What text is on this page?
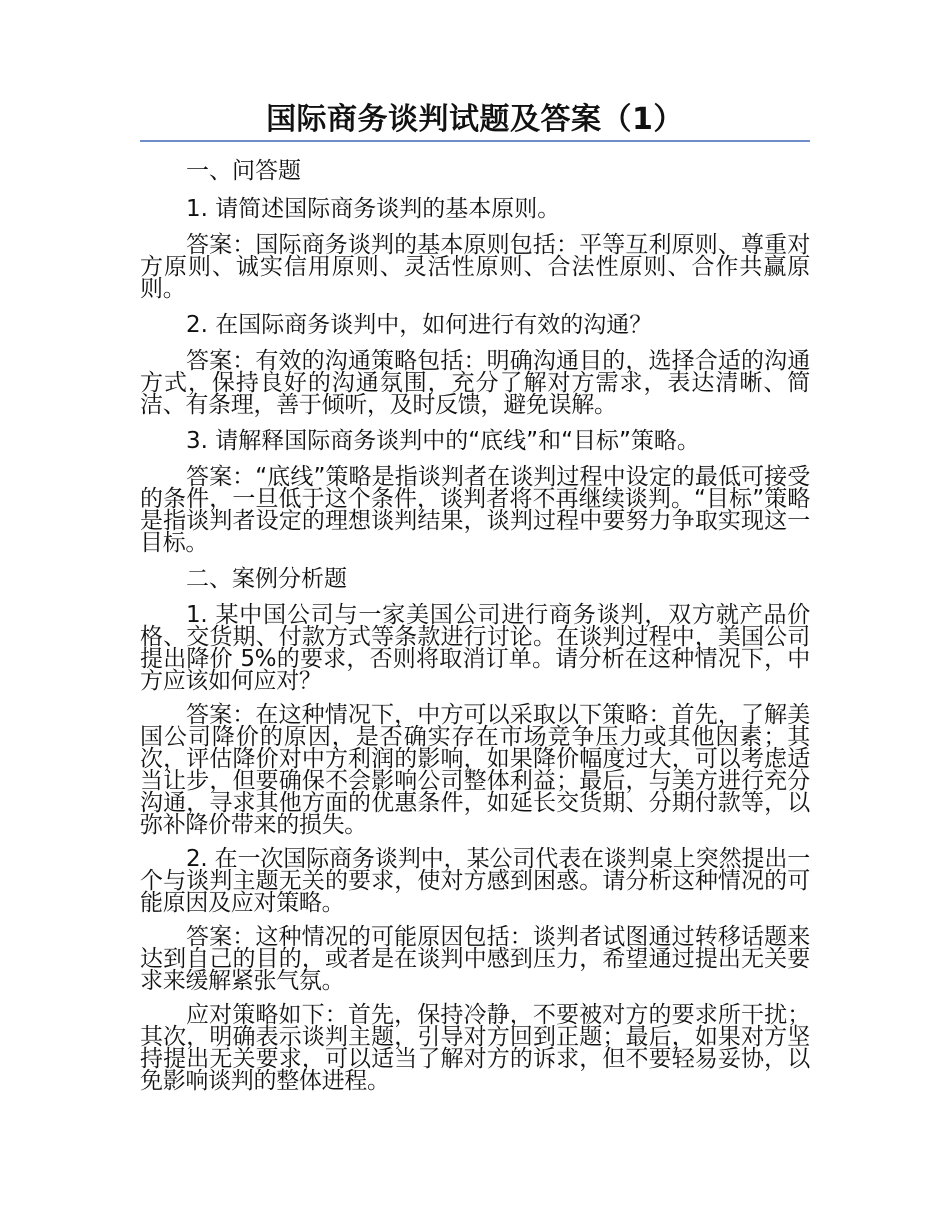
国际商务谈判试题及答案（1）

一、问答题

1. 请简述国际商务谈判的基本原则。

答案：国际商务谈判的基本原则包括：平等互利原则、尊重对方原则、诚实信用原则、灵活性原则、合法性原则、合作共赢原则。

2. 在国际商务谈判中，如何进行有效的沟通？

答案：有效的沟通策略包括：明确沟通目的，选择合适的沟通方式，保持良好的沟通氛围，充分了解对方需求，表达清晰、简洁、有条理，善于倾听，及时反馈，避免误解。

3. 请解释国际商务谈判中的“底线”和“目标”策略。

答案：“底线”策略是指谈判者在谈判过程中设定的最低可接受的条件，一旦低于这个条件，谈判者将不再继续谈判。“目标”策略是指谈判者设定的理想谈判结果，谈判过程中要努力争取实现这一目标。

二、案例分析题

1. 某中国公司与一家美国公司进行商务谈判，双方就产品价格、交货期、付款方式等条款进行讨论。在谈判过程中，美国公司提出降价 5%的要求，否则将取消订单。请分析在这种情况下，中方应该如何应对？

答案：在这种情况下，中方可以采取以下策略：首先，了解美国公司降价的原因，是否确实存在市场竞争压力或其他因素；其次，评估降价对中方利润的影响，如果降价幅度过大，可以考虑适当让步，但要确保不会影响公司整体利益；最后，与美方进行充分沟通，寻求其他方面的优惠条件，如延长交货期、分期付款等，以弥补降价带来的损失。

2. 在一次国际商务谈判中，某公司代表在谈判桌上突然提出一个与谈判主题无关的要求，使对方感到困惑。请分析这种情况的可能原因及应对策略。

答案：这种情况的可能原因包括：谈判者试图通过转移话题来达到自己的目的，或者是在谈判中感到压力，希望通过提出无关要求来缓解紧张气氛。

应对策略如下：首先，保持冷静，不要被对方的要求所干扰；其次，明确表示谈判主题，引导对方回到正题；最后，如果对方坚持提出无关要求，可以适当了解对方的诉求，但不要轻易妥协，以免影响谈判的整体进程。
